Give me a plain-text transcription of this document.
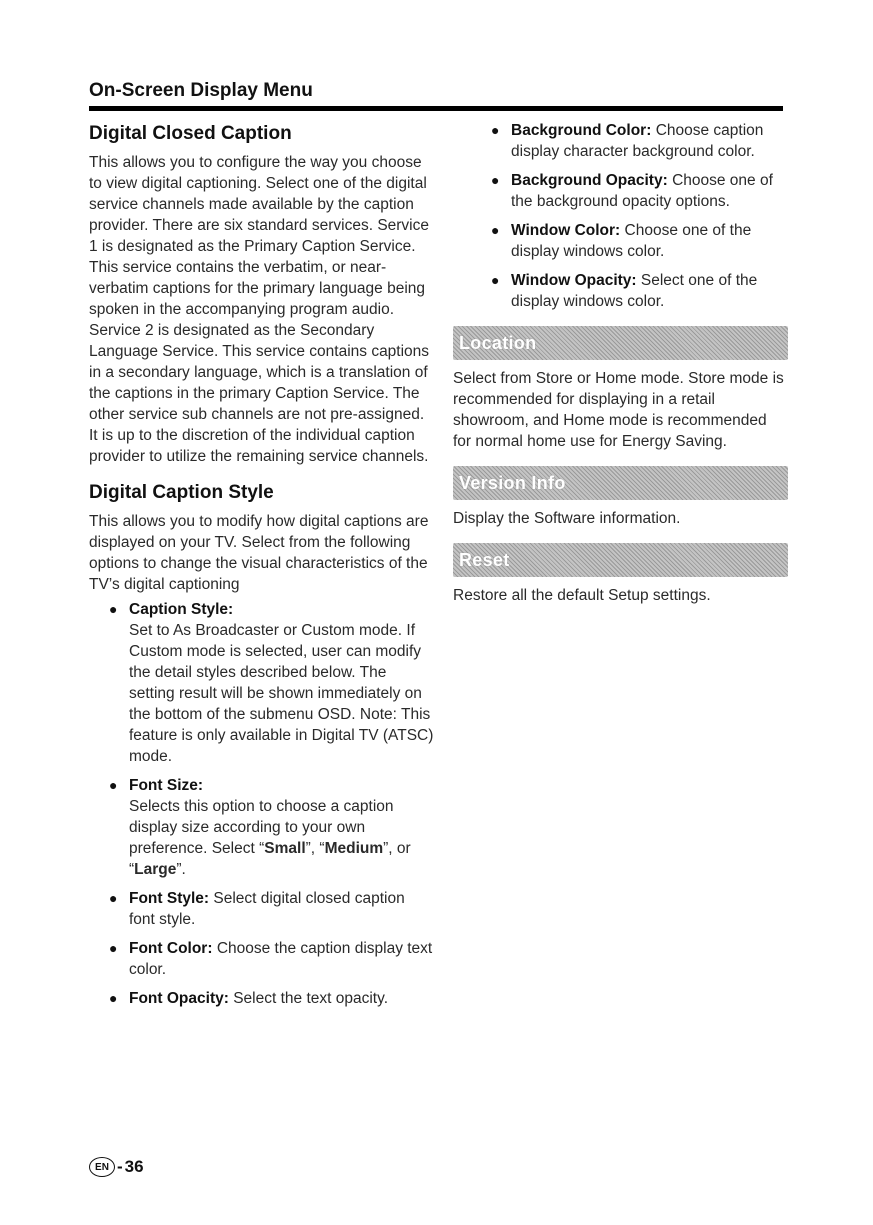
On-Screen Display Menu
Digital Closed Caption

This allows you to configure the way you choose to view digital captioning. Select one of the digital service channels made available by the caption provider. There are six standard services. Service 1 is designated as the Primary Caption Service. This service contains the verbatim, or near-verbatim captions for the primary language being spoken in the accompanying program audio. Service 2 is designated as the Secondary Language Service. This service contains captions in a secondary language, which is a translation of the captions in the primary Caption Service. The other service sub channels are not pre-assigned. It is up to the discretion of the individual caption provider to utilize the remaining service channels.

Digital Caption Style

This allows you to modify how digital captions are displayed on your TV. Select from the following options to change the visual characteristics of the TV’s digital captioning

● Caption Style:
Set to As Broadcaster or Custom mode. If Custom mode is selected, user can modify the detail styles described below. The setting result will be shown immediately on the bottom of the submenu OSD. Note: This feature is only available in Digital TV (ATSC) mode.
● Font Size:
Selects this option to choose a caption display size according to your own preference. Select “Small”, “Medium”, or “Large”.
● Font Style: Select digital closed caption font style.
● Font Color: Choose the caption display text color.
● Font Opacity: Select the text opacity.
● Background Color: Choose caption display character background color.
● Background Opacity: Choose one of the background opacity options.
● Window Color: Choose one of the display windows color.
● Window Opacity: Select one of the display windows color.
Location

Select from Store or Home mode. Store mode is recommended for displaying in a retail showroom, and Home mode is recommended for normal home use for Energy Saving.

Version Info

Display the Software information.

Reset

Restore all the default Setup settings.

EN - 36
